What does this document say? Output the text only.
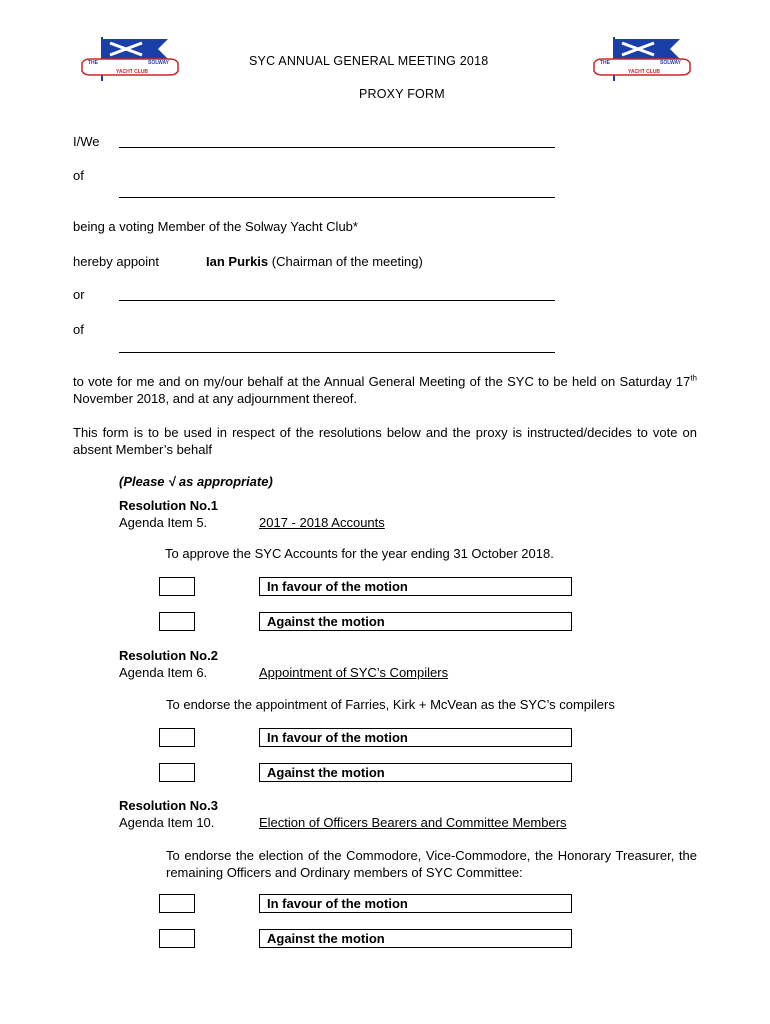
THE	SOLWAY
YACHT CLUB
THE	SOLWAY
YACHT CLUB
SYC ANNUAL GENERAL MEETING 2018
PROXY FORM
I/We
of
being a voting Member of the Solway Yacht Club*
hereby appoint	Ian Purkis (Chairman of the meeting)
or
of
to vote for me and on my/our behalf at the Annual General Meeting of the SYC to be held on Saturday 17th November 2018, and at any adjournment thereof.
This form is to be used in respect of the resolutions below and the proxy is instructed/decides to vote on absent Member’s behalf
(Please √ as appropriate)
Resolution No.1
Agenda Item 5.	2017 - 2018 Accounts
To approve the SYC Accounts for the year ending 31 October 2018.
In favour of the motion
Against the motion
Resolution No.2
Agenda Item 6.	Appointment of SYC’s Compilers
To endorse the appointment of Farries, Kirk + McVean as the SYC’s compilers
In favour of the motion
Against the motion
Resolution No.3
Agenda Item 10.	Election of Officers Bearers and Committee Members
To endorse the election of the Commodore, Vice-Commodore, the Honorary Treasurer, the remaining Officers and Ordinary members of SYC Committee:
In favour of the motion
Against the motion
